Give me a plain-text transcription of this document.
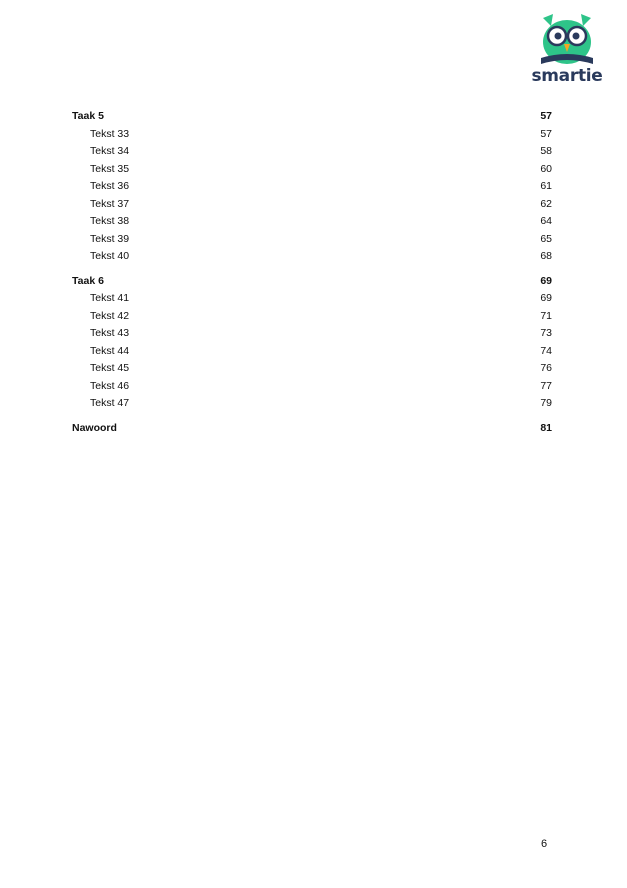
smartie
Taak 5	57
Tekst 33	57
Tekst 34	58
Tekst 35	60
Tekst 36	61
Tekst 37	62
Tekst 38	64
Tekst 39	65
Tekst 40	68
Taak 6	69
Tekst 41	69
Tekst 42	71
Tekst 43	73
Tekst 44	74
Tekst 45	76
Tekst 46	77
Tekst 47	79
Nawoord	81
6
